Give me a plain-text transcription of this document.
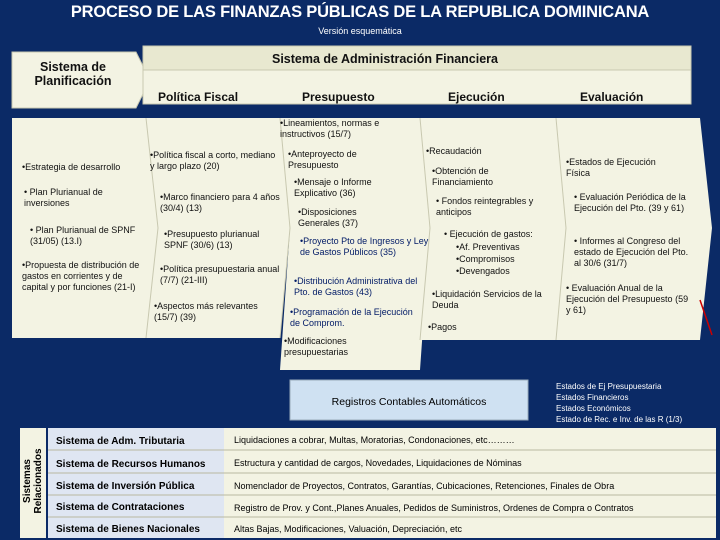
PROCESO DE LAS FINANZAS PÚBLICAS DE LA REPUBLICA DOMINICANA

Versión esquemática

Sistema de Planificación

Sistema de Administración Financiera

Política Fiscal	Presupuesto	Ejecución	Evaluación

•Estrategia de desarrollo

• Plan Plurianual de inversiones

• Plan Plurianual de SPNF (31/05) (13.I)

•Propuesta de distribución de gastos en corrientes y de capital y por funciones (21-I)

•Política fiscal a corto, mediano y largo plazo (20)

•Marco financiero para 4 años (30/4) (13)

•Presupuesto plurianual SPNF (30/6) (13)

•Política presupuestaria anual (7/7) (21-III)

•Aspectos más relevantes (15/7) (39)

•Lineamientos, normas e instructivos (15/7)

•Anteproyecto de Presupuesto

•Mensaje o Informe Explicativo (36)

•Disposiciones Generales (37)

•Proyecto Pto de Ingresos y Ley de Gastos Públicos (35)

•Distribución Administrativa del Pto. de Gastos (43)

•Programación de la Ejecución de Comprom.

•Modificaciones presupuestarias

•Recaudación

•Obtención de Financiamiento

• Fondos reintegrables y anticipos

• Ejecución de gastos:

•Af. Preventivas

•Compromisos

•Devengados

•Liquidación Servicios de la Deuda

•Pagos

•Estados de Ejecución Física

• Evaluación Periódica de la Ejecución del Pto. (39 y 61)

• Informes al Congreso del estado de Ejecución del Pto. al 30/6 (31/7)

• Evaluación Anual de la Ejecución del Presupuesto (59 y 61)

Registros Contables Automáticos

Estados de Ej Presupuestaria
Estados Financieros
Estados Económicos
Estado de Rec. e Inv. de las R (1/3)
Sistemas Relacionados

Sistema de Adm. Tributaria	Liquidaciones a cobrar, Multas, Moratorias, Condonaciones, etc………

Sistema de Recursos Humanos	Estructura y cantidad de cargos, Novedades, Liquidaciones de Nóminas

Sistema de Inversión Pública	Nomenclador de Proyectos, Contratos, Garantías, Cubicaciones, Retenciones, Finales de Obra

Sistema de Contrataciones	Registro de Prov. y Cont.,Planes Anuales, Pedidos de Suministros, Ordenes de Compra o Contratos

Sistema de Bienes Nacionales	Altas Bajas, Modificaciones, Valuación, Depreciación, etc
